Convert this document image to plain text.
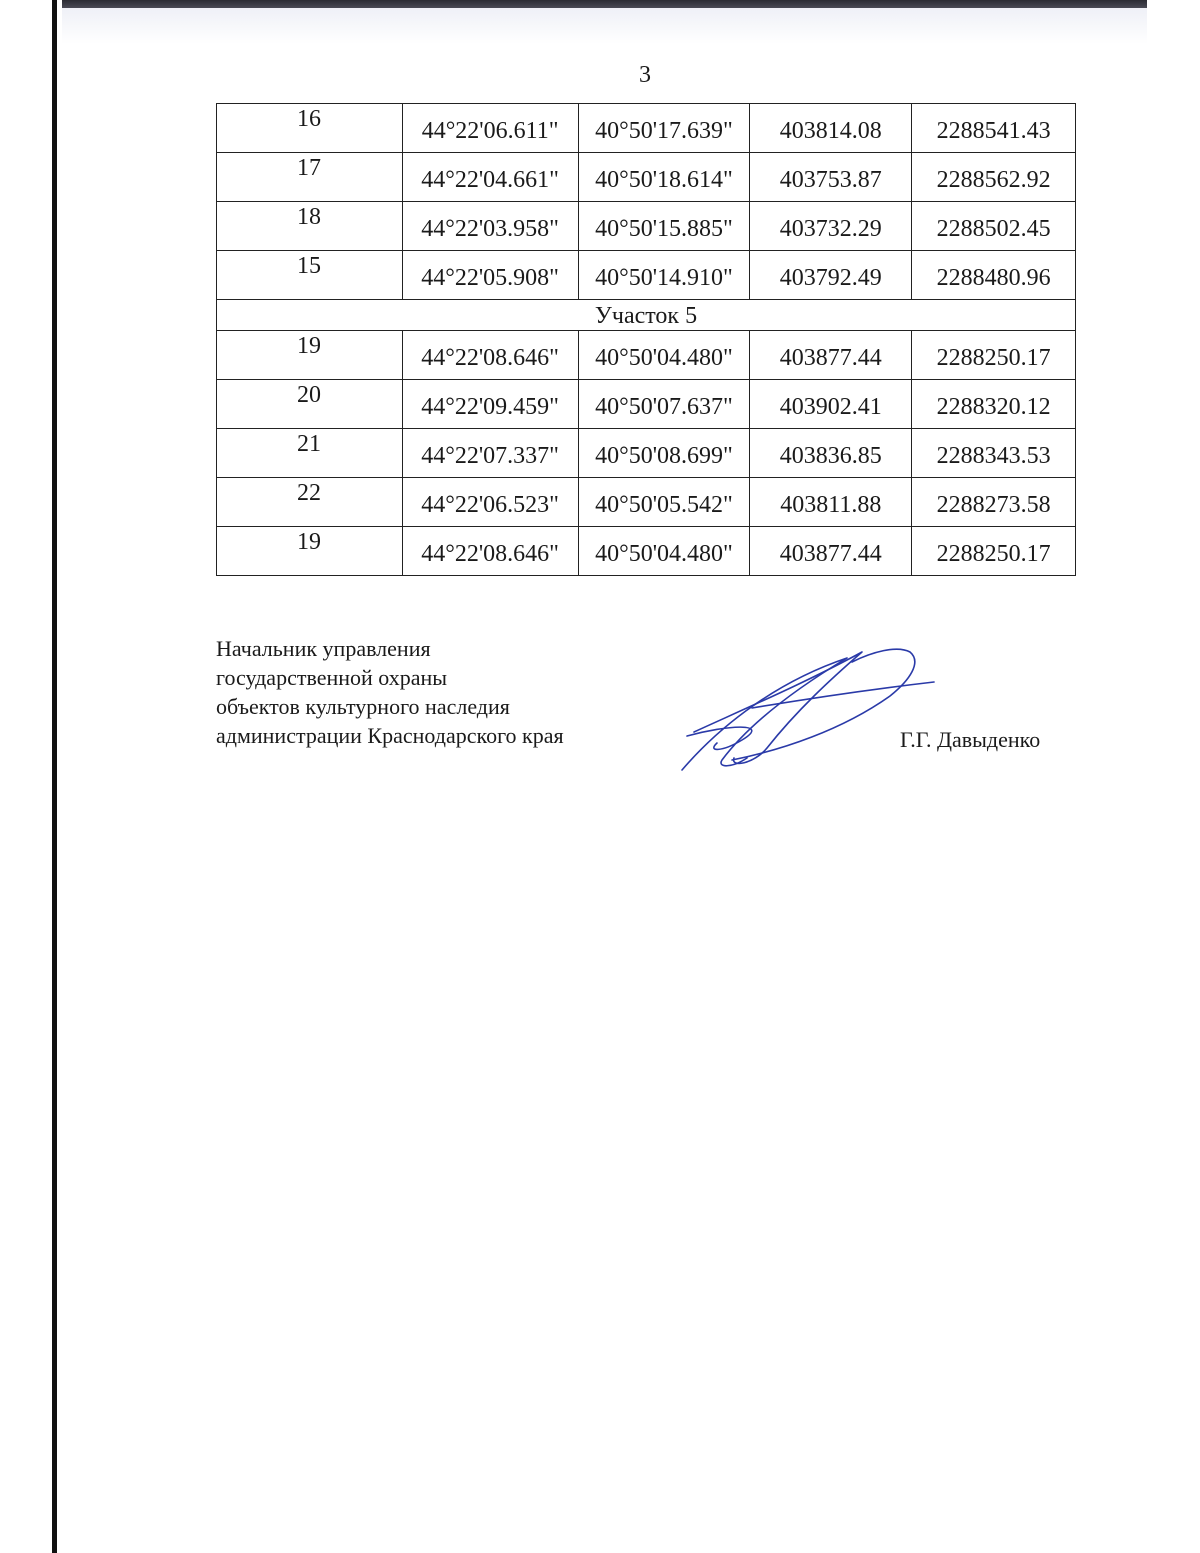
3
16	44°22'06.611"	40°50'17.639"	403814.08	2288541.43
17	44°22'04.661"	40°50'18.614"	403753.87	2288562.92
18	44°22'03.958"	40°50'15.885"	403732.29	2288502.45
15	44°22'05.908"	40°50'14.910"	403792.49	2288480.96
Участок 5				
19	44°22'08.646"	40°50'04.480"	403877.44	2288250.17
20	44°22'09.459"	40°50'07.637"	403902.41	2288320.12
21	44°22'07.337"	40°50'08.699"	403836.85	2288343.53
22	44°22'06.523"	40°50'05.542"	403811.88	2288273.58
19	44°22'08.646"	40°50'04.480"	403877.44	2288250.17
Начальник управления
государственной охраны
объектов культурного наследия
администрации Краснодарского края	Г.Г. Давыденко
